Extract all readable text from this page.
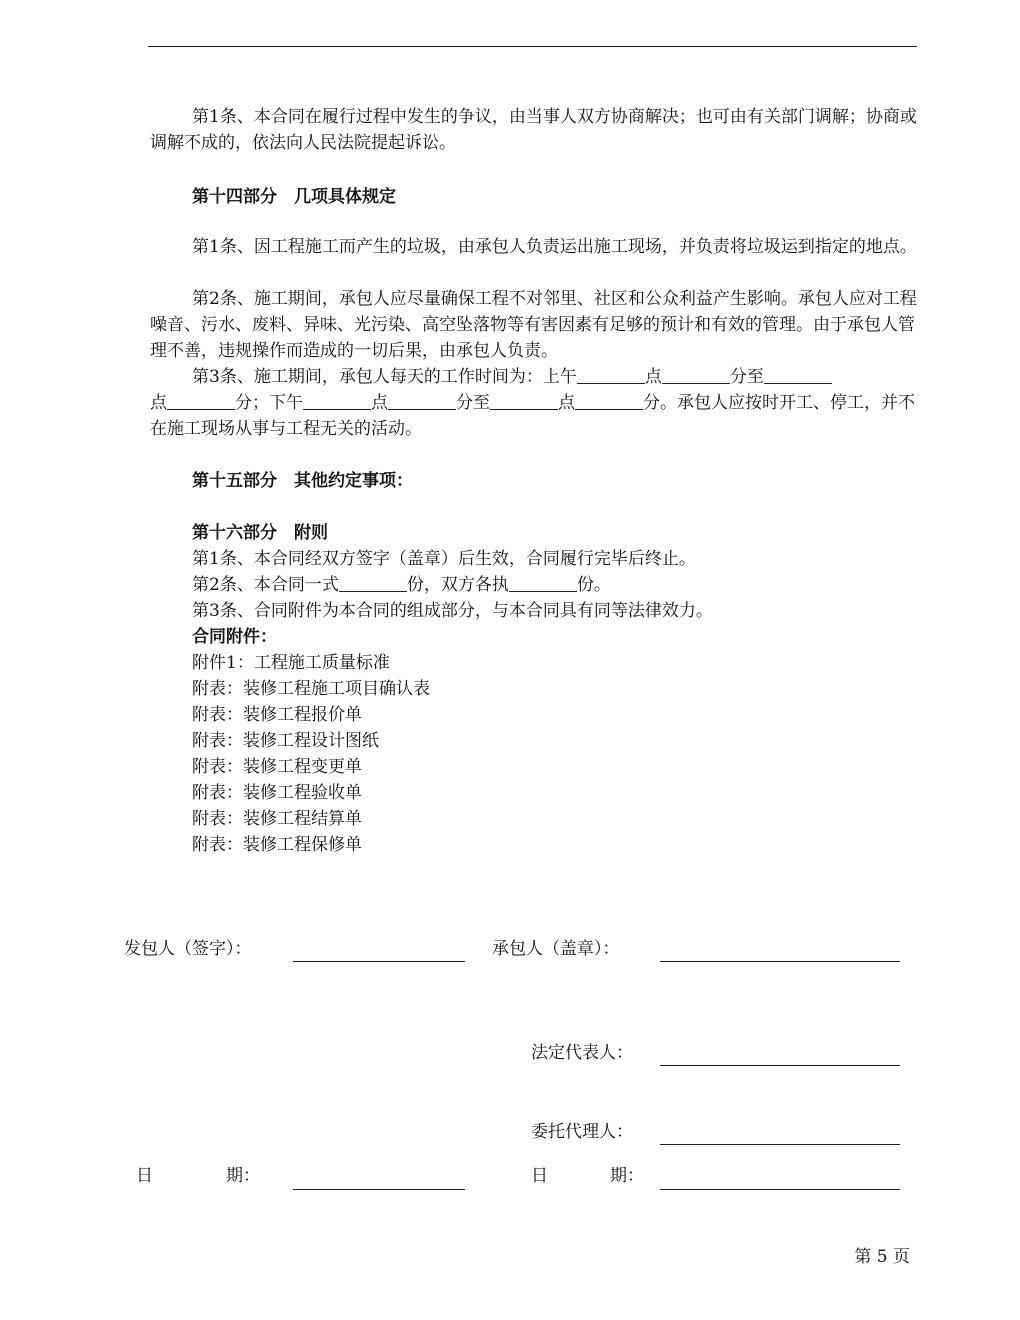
第1条、本合同在履行过程中发生的争议，由当事人双方协商解决；也可由有关部门调解；协商或调解不成的，依法向人民法院提起诉讼。
第十四部分　几项具体规定
第1条、因工程施工而产生的垃圾，由承包人负责运出施工现场，并负责将垃圾运到指定的地点。
第2条、施工期间，承包人应尽量确保工程不对邻里、社区和公众利益产生影响。承包人应对工程噪音、污水、废料、异味、光污染、高空坠落物等有害因素有足够的预计和有效的管理。由于承包人管理不善，违规操作而造成的一切后果，由承包人负责。
第3条、施工期间，承包人每天的工作时间为：上午	点	分至
点	分；下午	点	分至	点	分。承包人应按时开工、停工，并不在施工现场从事与工程无关的活动。
第十五部分　其他约定事项：
第十六部分　附则
第1条、本合同经双方签字（盖章）后生效，合同履行完毕后终止。
第2条、本合同一式	份，双方各执	份。
第3条、合同附件为本合同的组成部分，与本合同具有同等法律效力。
合同附件：
附件1：工程施工质量标准
附表：装修工程施工项目确认表
附表：装修工程报价单
附表：装修工程设计图纸
附表：装修工程变更单
附表：装修工程验收单
附表：装修工程结算单
附表：装修工程保修单
发包人（签字）：	承包人（盖章）：
法定代表人：
委托代理人：
日	期：	日	期：
第 5 页
